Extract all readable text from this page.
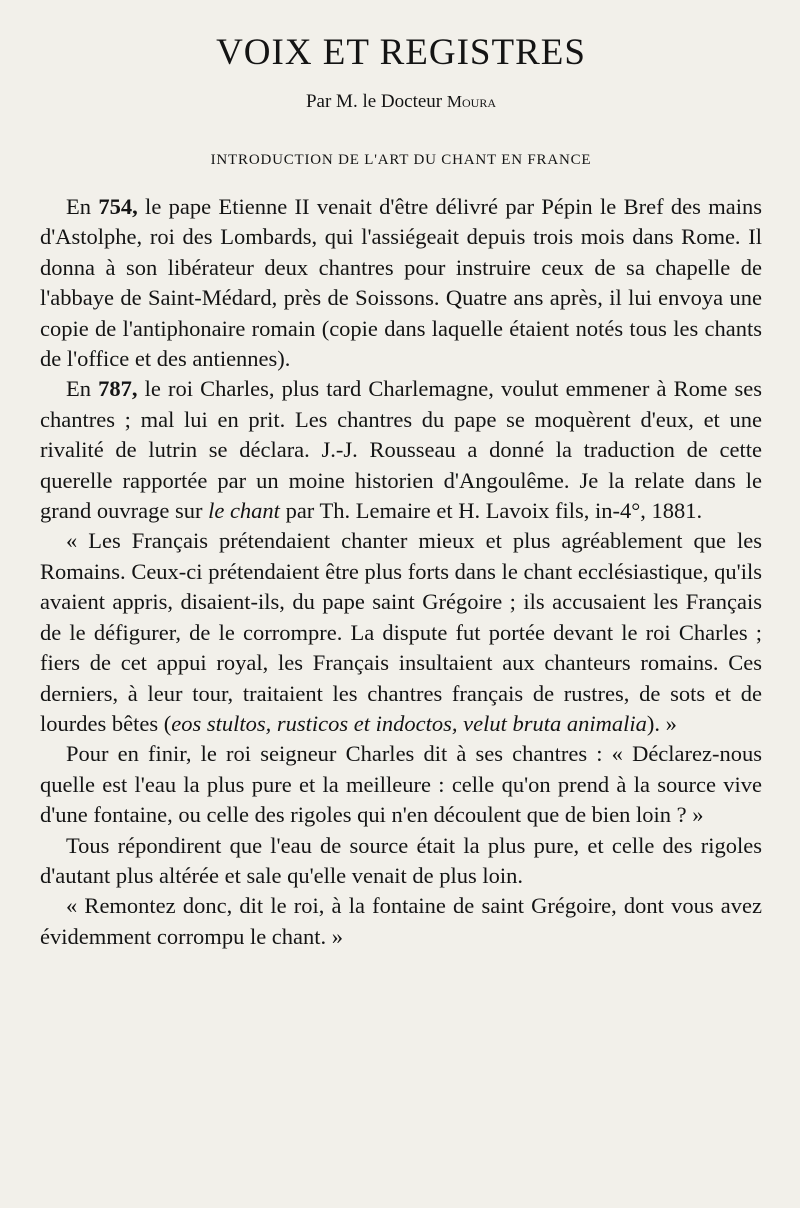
VOIX ET REGISTRES
Par M. le Docteur Moura
INTRODUCTION DE L'ART DU CHANT EN FRANCE

En 754, le pape Etienne II venait d'être délivré par Pépin le Bref des mains d'Astolphe, roi des Lombards, qui l'assiégeait depuis trois mois dans Rome. Il donna à son libérateur deux chantres pour instruire ceux de sa chapelle de l'abbaye de Saint-Médard, près de Soissons. Quatre ans après, il lui envoya une copie de l'antiphonaire romain (copie dans laquelle étaient notés tous les chants de l'office et des antiennes).

En 787, le roi Charles, plus tard Charlemagne, voulut emmener à Rome ses chantres ; mal lui en prit. Les chantres du pape se moquèrent d'eux, et une rivalité de lutrin se déclara. J.-J. Rousseau a donné la traduction de cette querelle rapportée par un moine historien d'Angoulême. Je la relate dans le grand ouvrage sur le chant par Th. Lemaire et H. Lavoix fils, in-4°, 1881.

« Les Français prétendaient chanter mieux et plus agréablement que les Romains. Ceux-ci prétendaient être plus forts dans le chant ecclésiastique, qu'ils avaient appris, disaient-ils, du pape saint Grégoire ; ils accusaient les Français de le défigurer, de le corrompre. La dispute fut portée devant le roi Charles ; fiers de cet appui royal, les Français insultaient aux chanteurs romains. Ces derniers, à leur tour, traitaient les chantres français de rustres, de sots et de lourdes bêtes (eos stultos, rusticos et indoctos, velut bruta animalia). »

Pour en finir, le roi seigneur Charles dit à ses chantres : « Déclarez-nous quelle est l'eau la plus pure et la meilleure : celle qu'on prend à la source vive d'une fontaine, ou celle des rigoles qui n'en découlent que de bien loin ? »

Tous répondirent que l'eau de source était la plus pure, et celle des rigoles d'autant plus altérée et sale qu'elle venait de plus loin.

« Remontez donc, dit le roi, à la fontaine de saint Grégoire, dont vous avez évidemment corrompu le chant. »
